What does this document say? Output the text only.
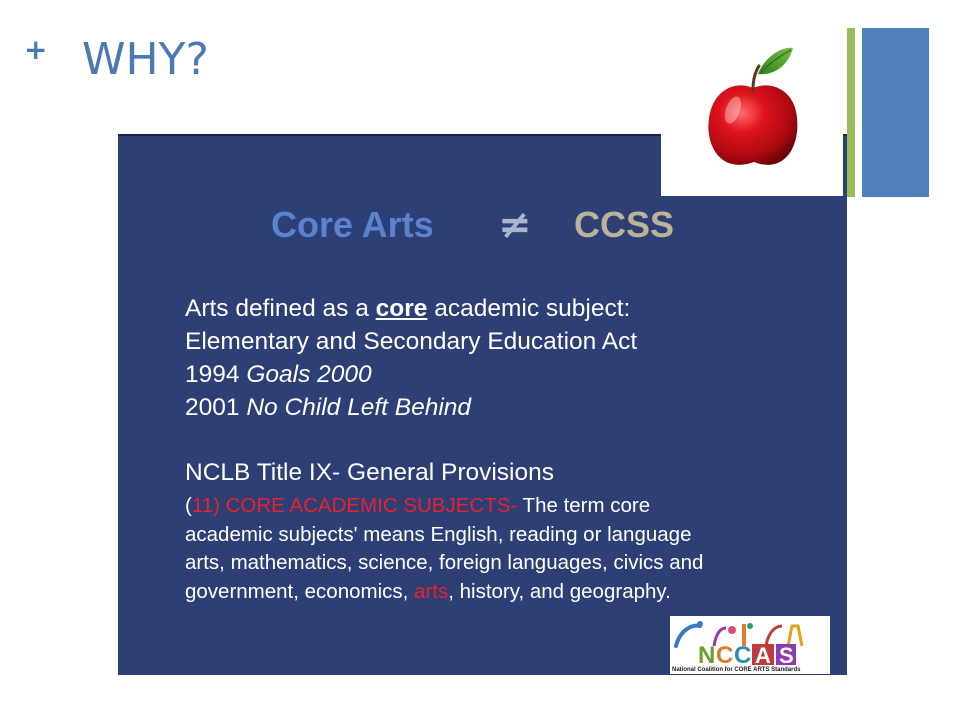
+ WHY?
Core Arts ≠ CCSS
Arts defined as a core academic subject:
Elementary and Secondary Education Act
1994 Goals 2000
2001 No Child Left Behind
NCLB Title IX- General Provisions
(11) CORE ACADEMIC SUBJECTS- The term core
academic subjects' means English, reading or language
arts, mathematics, science, foreign languages, civics and
government, economics, arts, history, and geography.
N C C A S
National Coalition for CORE ARTS Standards
